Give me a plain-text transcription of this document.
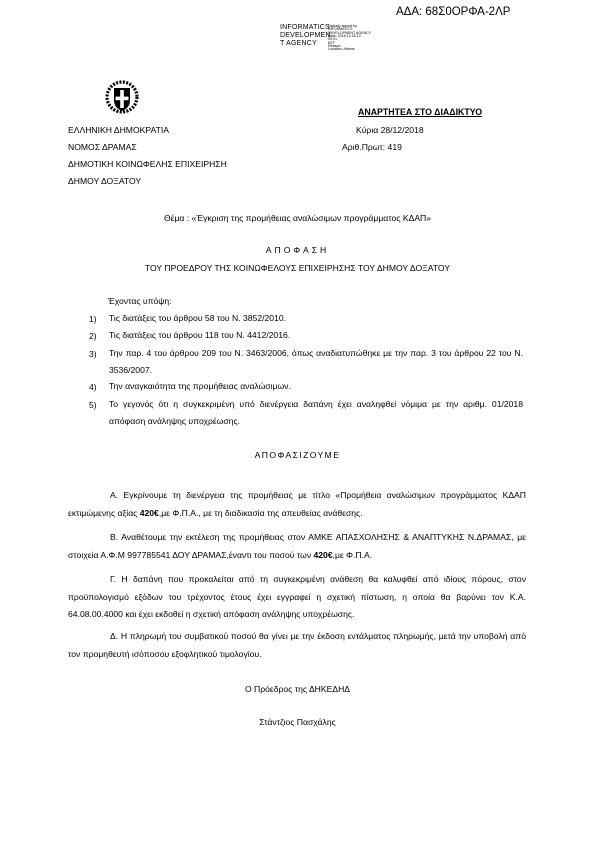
ΑΔΑ: 68Σ0ΟΡΦΑ-2ΛΡ
INFORMATICS
DEVELOPMEN
T AGENCY
Digitally signed by
INFORMATICS
DEVELOPMENT AGENCY
Date: 2018.12.28 12:
09:21
EET
Reason:
Location: Athens
ΑΝΑΡΤΗΤΕΑ ΣΤΟ ΔΙΑΔΙΚΤΥΟ
ΕΛΛΗΝΙΚΗ ΔΗΜΟΚΡΑΤΙΑ
ΝΟΜΟΣ ΔΡΑΜΑΣ
ΔΗΜΟΤΙΚΗ ΚΟΙΝΩΦΕΛΗΣ ΕΠΙΧΕΙΡΗΣΗ
ΔΗΜΟΥ ΔΟΞΑΤΟΥ
Κύρια 28/12/2018
Αριθ.Πρωτ: 419
Θέμα : «Έγκριση της προμήθειας αναλώσιμων προγράμματος ΚΔΑΠ»
ΑΠΟΦΑΣΗ
ΤΟΥ ΠΡΟΕΔΡΟΥ ΤΗΣ ΚΟΙΝΩΦΕΛΟΥΣ ΕΠΙΧΕΙΡΗΣΗΣ ΤΟΥ ΔΗΜΟΥ ΔΟΞΑΤΟΥ
Έχοντας υπόψη:
1) Τις διατάξεις του άρθρου 58 του Ν. 3852/2010.
2) Τις διατάξεις του άρθρου 118 του Ν. 4412/2016.
3) Την παρ. 4 του άρθρου 209 του Ν. 3463/2006, όπως αναδιατυπώθηκε με την παρ. 3 του άρθρου 22 του Ν. 3536/2007.
4) Την αναγκαιότητα της προμήθειας αναλώσιμων.
5) Το γεγονός ότι η συγκεκριμένη υπό διενέργεια δαπάνη έχει αναληφθεί νόμιμα με την αριθμ. 01/2018 απόφαση ανάληψης υποχρέωσης.
ΑΠΟΦΑΣΙΖΟΥΜΕ
Α. Εγκρίνουμε τη διενέργεια της προμήθειας με τίτλο «Προμήθεια αναλώσιμων προγράμματος ΚΔΑΠ εκτιμώμενης αξίας 420€,με Φ.Π.Α., με τη διαδικασία της απευθείας ανάθεσης.
Β. Αναθέτουμε την εκτέλεση της προμήθειας στον ΑΜΚΕ ΑΠΑΣΧΟΛΗΣΗΣ & ΑΝΑΠΤΥΚΗΣ Ν.ΔΡΑΜΑΣ, με στοιχεία Α.Φ.Μ 997785541 ΔΟΥ ΔΡΑΜΑΣ,έναντι του ποσού των 420€,με Φ.Π.Α.
Γ. Η δαπάνη που προκαλείται από τη συγκεκριμένη ανάθεση θα καλυφθεί από ιδίους πόρους, στον προϋπολογισμό εξόδων του τρέχοντος έτους έχει εγγραφεί η σχετική πίστωση, η οποία θα βαρύνει τον Κ.Α. 64.08.00.4000 και έχει εκδοθεί η σχετική απόφαση ανάληψης υποχρέωσης.
Δ. Η πληρωμή του συμβατικού ποσού θα γίνει με την έκδοση εντάλματος πληρωμής, μετά την υποβολή από τον προμηθευτή ισόποσου εξοφλητικού τιμολογίου.
Ο Πρόεδρος της ΔΗΚΕΔΗΔ
Στάντζιος Πασχάλης
